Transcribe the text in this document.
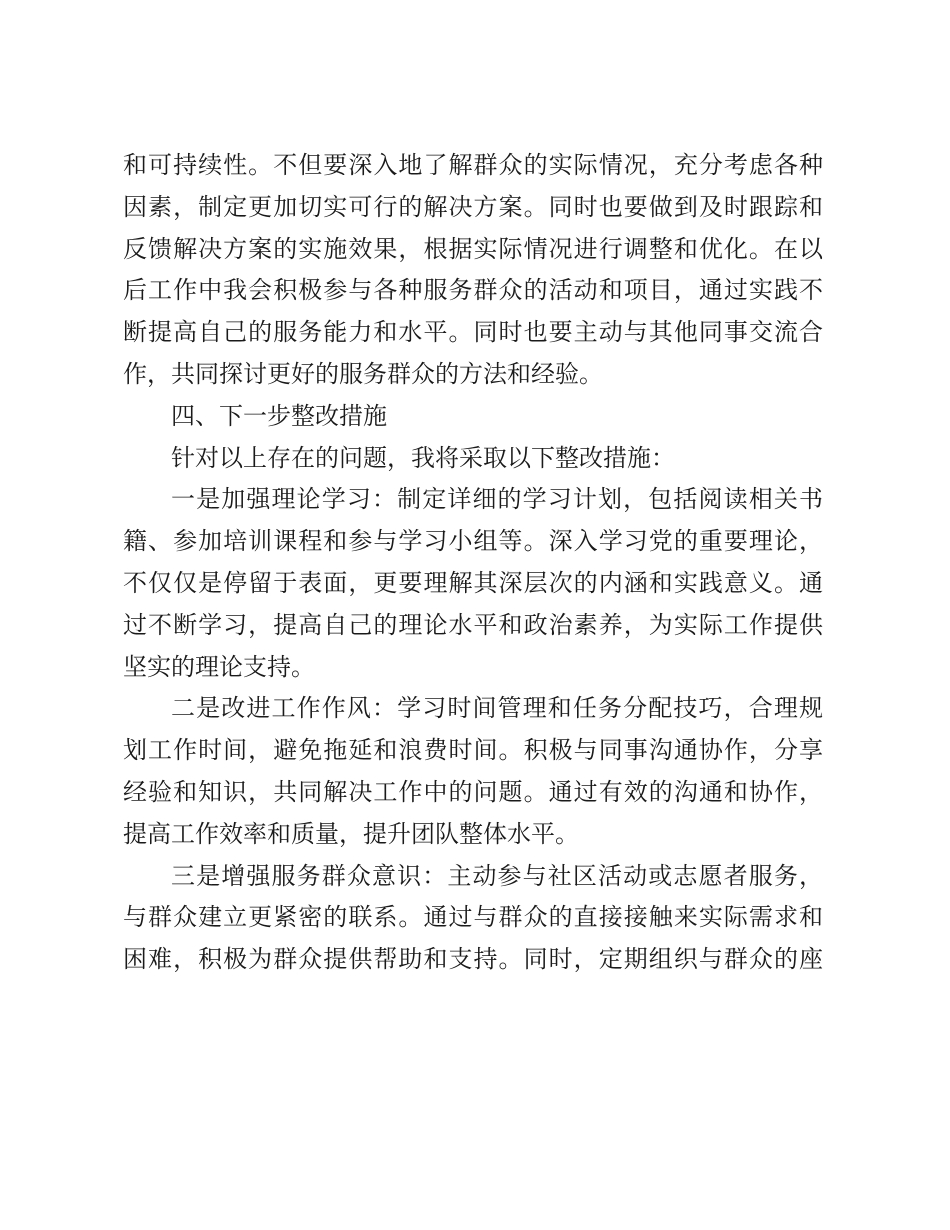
和可持续性。不但要深入地了解群众的实际情况，充分考虑各种
因素，制定更加切实可行的解决方案。同时也要做到及时跟踪和
反馈解决方案的实施效果，根据实际情况进行调整和优化。在以
后工作中我会积极参与各种服务群众的活动和项目，通过实践不
断提高自己的服务能力和水平。同时也要主动与其他同事交流合
作，共同探讨更好的服务群众的方法和经验。
四、下一步整改措施
针对以上存在的问题，我将采取以下整改措施：
一是加强理论学习：制定详细的学习计划，包括阅读相关书
籍、参加培训课程和参与学习小组等。深入学习党的重要理论，
不仅仅是停留于表面，更要理解其深层次的内涵和实践意义。通
过不断学习，提高自己的理论水平和政治素养，为实际工作提供
坚实的理论支持。
二是改进工作作风：学习时间管理和任务分配技巧，合理规
划工作时间，避免拖延和浪费时间。积极与同事沟通协作，分享
经验和知识，共同解决工作中的问题。通过有效的沟通和协作，
提高工作效率和质量，提升团队整体水平。
三是增强服务群众意识：主动参与社区活动或志愿者服务，
与群众建立更紧密的联系。通过与群众的直接接触来实际需求和
困难，积极为群众提供帮助和支持。同时，定期组织与群众的座
